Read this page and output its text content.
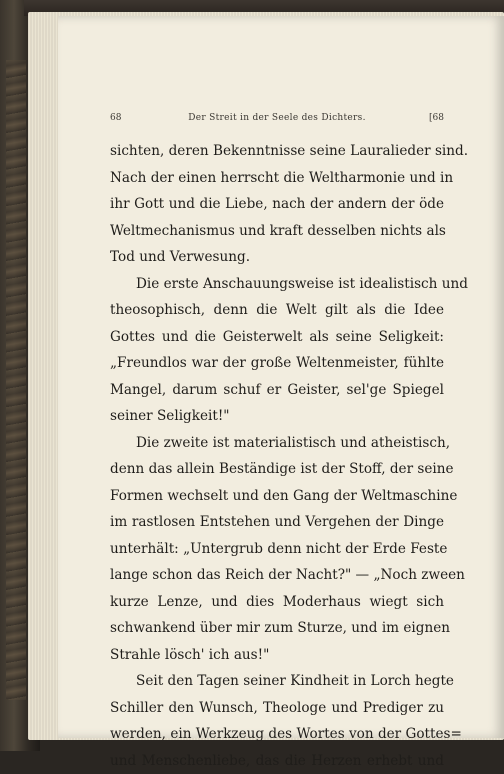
68	Der Streit in der Seele des Dichters.	[68
sichten, deren Bekenntnisse seine Lauralieder sind.
Nach der einen herrscht die Weltharmonie und in
ihr Gott und die Liebe, nach der andern der öde
Weltmechanismus und kraft desselben nichts als
Tod und Verwesung.
Die erste Anschauungsweise ist idealistisch und
theosophisch, denn die Welt gilt als die Idee
Gottes und die Geisterwelt als seine Seligkeit:
„Freundlos war der große Weltenmeister, fühlte
Mangel, darum schuf er Geister, sel'ge Spiegel
seiner Seligkeit!"
Die zweite ist materialistisch und atheistisch,
denn das allein Beständige ist der Stoff, der seine
Formen wechselt und den Gang der Weltmaschine
im rastlosen Entstehen und Vergehen der Dinge
unterhält: „Untergrub denn nicht der Erde Feste
lange schon das Reich der Nacht?" — „Noch zween
kurze Lenze, und dies Moderhaus wiegt sich
schwankend über mir zum Sturze, und im eignen
Strahle lösch' ich aus!"
Seit den Tagen seiner Kindheit in Lorch hegte
Schiller den Wunsch, Theologe und Prediger zu
werden, ein Werkzeug des Wortes von der Gottes=
und Menschenliebe, das die Herzen erhebt und
